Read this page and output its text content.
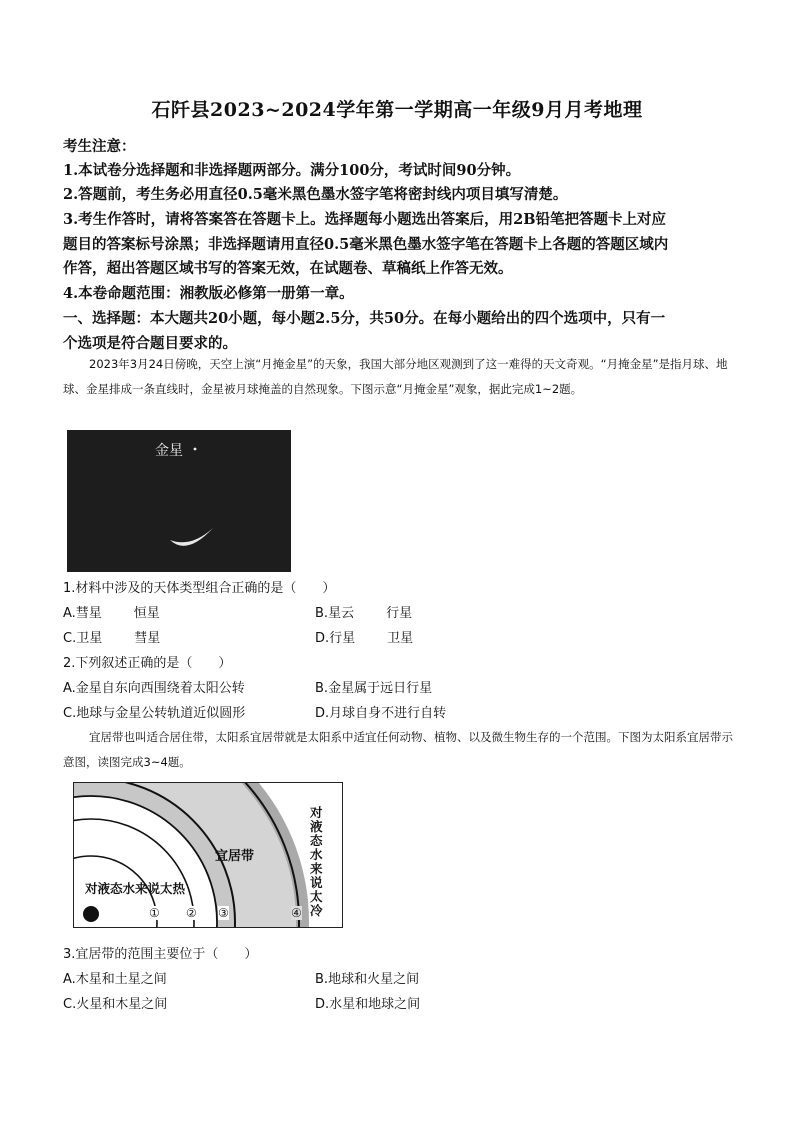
石阡县2023~2024学年第一学期高一年级9月月考地理
考生注意：
1.本试卷分选择题和非选择题两部分。满分100分，考试时间90分钟。
2.答题前，考生务必用直径0.5毫米黑色墨水签字笔将密封线内项目填写清楚。
3.考生作答时，请将答案答在答题卡上。选择题每小题选出答案后，用2B铅笔把答题卡上对应
题目的答案标号涂黑；非选择题请用直径0.5毫米黑色墨水签字笔在答题卡上各题的答题区域内
作答，超出答题区域书写的答案无效，在试题卷、草稿纸上作答无效。
4.本卷命题范围：湘教版必修第一册第一章。
一、选择题：本大题共20小题，每小题2.5分，共50分。在每小题给出的四个选项中，只有一
个选项是符合题目要求的。
2023年3月24日傍晚，天空上演“月掩金星”的天象，我国大部分地区观测到了这一难得的天文奇观。“月掩金星”是指月球、地球、金星排成一条直线时，金星被月球掩盖的自然现象。下图示意“月掩金星”观象，据此完成1~2题。
金星
1.材料中涉及的天体类型组合正确的是（　　）
A.彗星 恒星	B.星云 行星
C.卫星 彗星	D.行星 卫星
2.下列叙述正确的是（　　）
A.金星自东向西围绕着太阳公转	B.金星属于远日行星
C.地球与金星公转轨道近似圆形	D.月球自身不进行自转
宜居带也叫适合居住带，太阳系宜居带就是太阳系中适宜任何动物、植物、以及微生物生存的一个范围。下图为太阳系宜居带示意图，读图完成3~4题。
宜居带
对液态水来说太热
对液态水来说太冷
① ② ③	④
3.宜居带的范围主要位于（　　）
A.木星和土星之间	B.地球和火星之间
C.火星和木星之间	D.水星和地球之间
